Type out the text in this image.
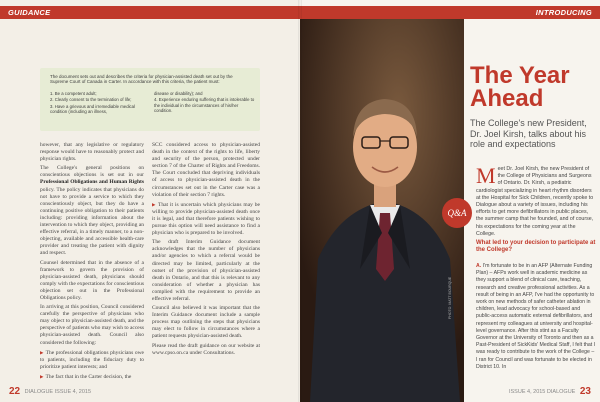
GUIDANCE
The document sets out and describes the criteria for physician-assisted death set out by the Supreme Court of Canada in Carter. In accordance with this criteria, the patient must:

1. Be a competent adult;

2. Clearly consent to the termination of life;

3. Have a grievous and irremediable medical condition (including an illness,

disease or disability); and

4. Experience enduring suffering that is intolerable to the individual in the circumstances of his/her condition.

however, that any legislative or regulatory response would have to reasonably protect and physician rights.

The College's general positions on conscientious objections is set out in our Professional Obligations and Human Rights policy. The policy indicates that physicians do not have to provide a service to which they conscientiously object, but they do have a continuing positive obligation to their patients including: providing information about the intervention to which they object, providing an effective referral, in a timely manner, to a non-objecting, available and accessible health-care provider and treating the patient with dignity and respect.

Counsel determined that in the absence of a framework to govern the provision of physician-assisted death, physicians should comply with the expectations for conscientious objection set out in the Professional Obligations policy.

In arriving at this position, Council considered carefully the perspective of physicians who may object to physician-assisted death, and the perspective of patients who may wish to access physician-assisted death. Council also considered the following:

▶ The professional obligations physicians owe to patients, including the fiduciary duty to prioritize patient interests; and

▶ The fact that in the Carter decision, the

SCC considered access to physician-assisted death in the context of the rights to life, liberty and security of the person, protected under section 7 of the Charter of Rights and Freedoms. The Court concluded that depriving individuals of access to physician-assisted death in the circumstances set out in the Carter case was a violation of their section 7 rights.

▶ That it is uncertain which physicians may be willing to provide physician-assisted death once it is legal, and that therefore patients wishing to pursue this option will need assistance to find a physician who is prepared to be involved.

The draft Interim Guidance document acknowledges that the number of physicians and/or agencies to which a referral would be directed may be limited, particularly at the outset of the provision of physician-assisted death in Ontario, and that this is relevant to any consideration of whether a physician has complied with the requirement to provide an effective referral.

Council also believed it was important that the Interim Guidance document include a sample process map outlining the steps that physicians may elect to follow in circumstances where a patient requests physician-assisted death.

Please read the draft guidance on our website at www.cpso.on.ca under Consultations.

22 DIALOGUE ISSUE 4, 2015
INTRODUCING
PHOTO: MATT BOURQUE
The Year Ahead
The College's new President, Dr. Joel Kirsh, talks about his role and expectations
Q&A
Meet Dr. Joel Kirsh, the new President of the College of Physicians and Surgeons of Ontario. Dr. Kirsh, a pediatric cardiologist specializing in heart rhythm disorders at the Hospital for Sick Children, recently spoke to Dialogue about a variety of issues, including his efforts to get more defibrillators in public places, the summer camp that he founded, and of course, his expectations for the coming year at the College.
What led to your decision to participate at the College?
A. I'm fortunate to be in an AFP (Alternate Funding Plan) – AFPs work well in academic medicine as they support a blend of clinical care, teaching, research and creative professional activities. As a result of being in an AFP, I've had the opportunity to work on new methods of safer catheter ablation in children, lead advocacy for school-based and public-access automatic external defibrillators, and represent my colleagues at university and hospital-level governance. After this stint as a Faculty Governor at the University of Toronto and then as a Past-President of SickKids' Medical Staff, I felt that I was ready to contribute to the work of the College – I ran for Council and was fortunate to be elected in District 10. In
ISSUE 4, 2015 DIALOGUE 23
